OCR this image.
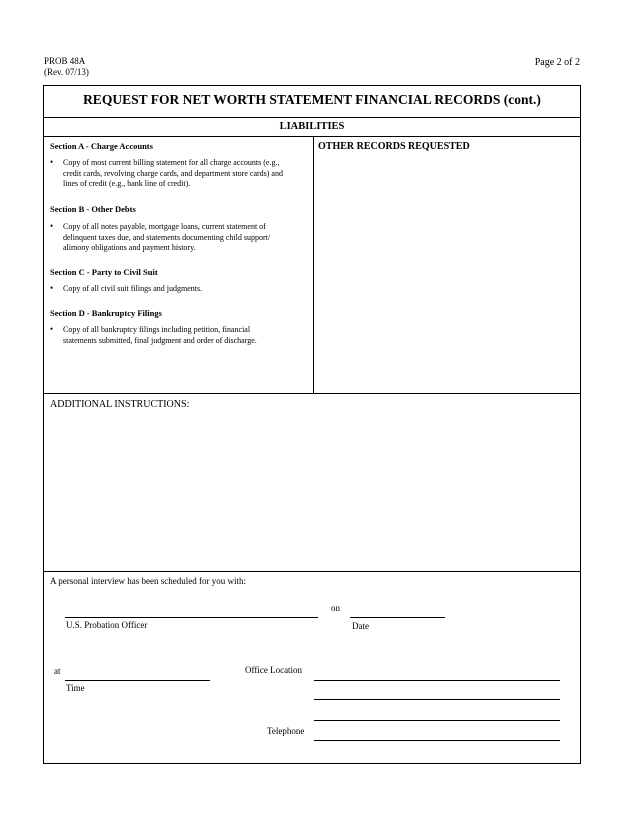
PROB 48A
(Rev. 07/13)
Page 2 of 2
REQUEST FOR NET WORTH STATEMENT FINANCIAL RECORDS (cont.)
LIABILITIES
OTHER RECORDS REQUESTED
Section A - Charge Accounts
• Copy of most current billing statement for all charge accounts (e.g.,
credit cards, revolving charge cards, and department store cards) and
lines of credit (e.g., bank line of credit).
Section B - Other Debts
• Copy of all notes payable, mortgage loans, current statement of
delinquent taxes due, and statements documenting child support/
alimony obligations and payment history.
Section C - Party to Civil Suit
• Copy of all civil suit filings and judgments.
Section D - Bankruptcy Filings
• Copy of all bankruptcy filings including petition, financial
statements submitted, final judgment and order of discharge.
ADDITIONAL INSTRUCTIONS:
A personal interview has been scheduled for you with:
U.S. Probation Officer
on
Date
at
Time
Office Location
Telephone
